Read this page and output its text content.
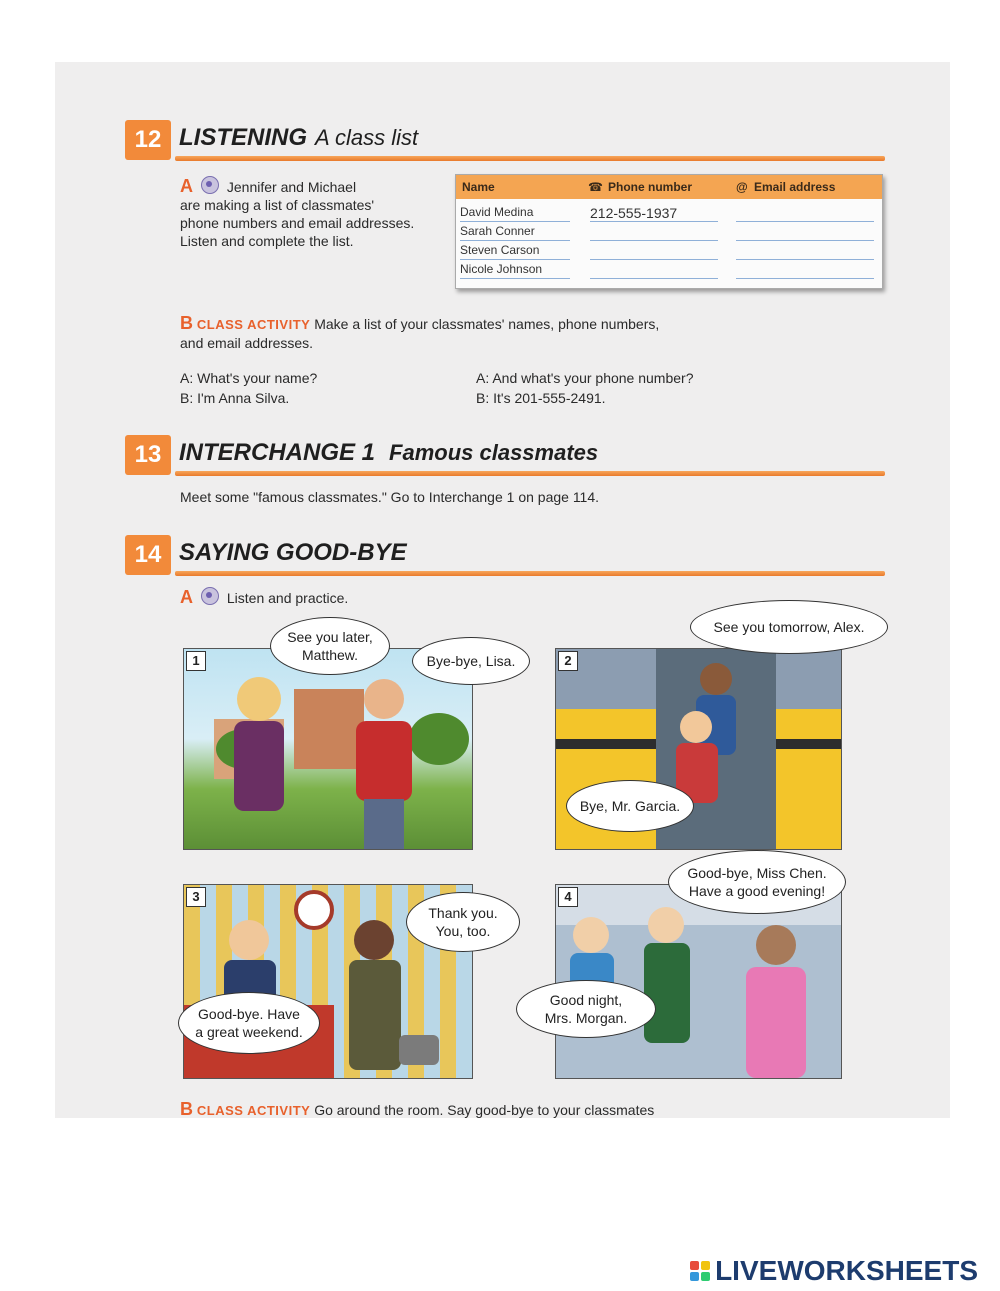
12 LISTENING A class list
A Jennifer and Michael
are making a list of classmates'
phone numbers and email addresses.
Listen and complete the list.
Name	☎ Phone number	@ Email address
David Medina	212-555-1937
Sarah Conner
Steven Carson
Nicole Johnson
B CLASS ACTIVITY Make a list of your classmates' names, phone numbers,
and email addresses.
A: What's your name?
B: I'm Anna Silva.
A: And what's your phone number?
B: It's 201-555-2491.
13 INTERCHANGE 1 Famous classmates
Meet some "famous classmates." Go to Interchange 1 on page 114.
14 SAYING GOOD-BYE
A Listen and practice.
1
See you later,
Matthew.	Bye-bye, Lisa.	2
See you tomorrow, Alex.
Bye, Mr. Garcia.
3
Thank you.
You, too.
Good-bye. Have
a great weekend.
4
Good-bye, Miss Chen.
Have a good evening!
Good night,
Mrs. Morgan.
B CLASS ACTIVITY Go around the room. Say good-bye to your classmates
LIVEWORKSHEETS
